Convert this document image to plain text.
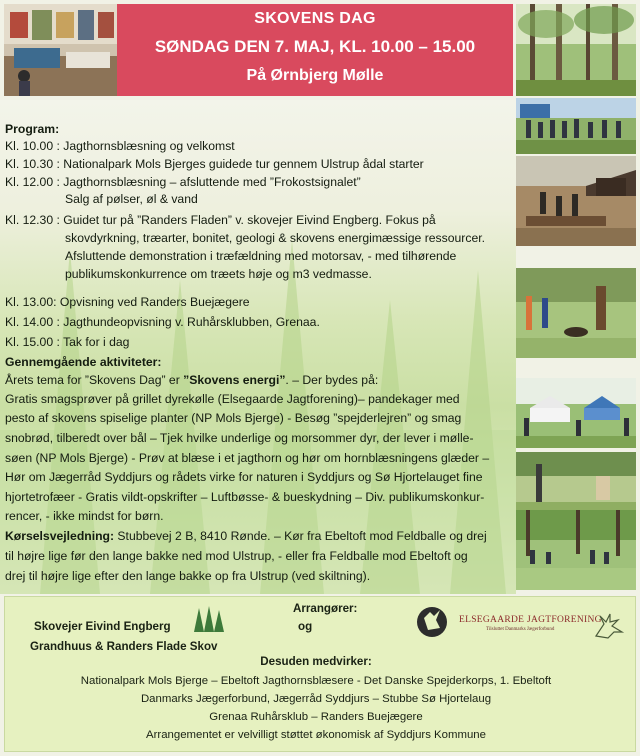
SKOVENS DAG
SØNDAG DEN 7. MAJ, KL. 10.00 – 15.00
På Ørnbjerg Mølle
Program:
Kl. 10.00 : Jagthornsblæsning og velkomst
Kl. 10.30 : Nationalpark Mols Bjerges guidede tur gennem Ulstrup ådal starter
Kl. 12.00 : Jagthornsblæsning – afsluttende med ”Frokostsignalet”
Salg af pølser, øl & vand
Kl. 12.30 : Guidet tur på ”Randers Fladen” v. skovejer Eivind Engberg. Fokus på
skovdyrkning, træarter, bonitet, geologi & skovens energimæssige ressourcer.
Afsluttende demonstration i træfældning med motorsav, - med tilhørende
publikumskonkurrence om træets høje og m3 vedmasse.
Kl. 13.00: Opvisning ved Randers Buejægere
Kl. 14.00 : Jagthundeopvisning v. Ruhårsklubben, Grenaa.
Kl. 15.00 : Tak for i dag
Gennemgående aktiviteter:
Årets tema for ”Skovens Dag” er ”Skovens energi”. – Der bydes på:
Gratis smagsprøver på grillet dyrekølle (Elsegaarde Jagtforening)– pandekager med
pesto af skovens spiselige planter (NP Mols Bjerge) - Besøg ”spejderlejren” og smag
snobrød, tilberedt over bål – Tjek hvilke underlige og morsommer dyr, der lever i mølle-
søen (NP Mols Bjerge) - Prøv at blæse i et jagthorn og hør om hornblæsningens glæder –
Hør om Jægerråd Syddjurs og rådets virke for naturen i Syddjurs og Sø Hjortelauget fine
hjortetrofæer - Gratis vildt-opskrifter – Luftbøsse- & bueskydning – Div. publikumskonkur-
rencer, - ikke mindst for børn.
Kørselsvejledning: Stubbevej 2 B, 8410 Rønde. – Kør fra Ebeltoft mod Feldballe og drej
til højre lige før den lange bakke ned mod Ulstrup, - eller fra Feldballe mod Ebeltoft og
drej til højre lige efter den lange bakke op fra Ulstrup (ved skiltning).
Arrangører:
Skovejer Eivind Engberg
Grandhuus & Randers Flade Skov
og	ELSEGAARDE JAGTFORENING
Tilsluttet Danmarks Jægerforbund
Desuden medvirker:
Nationalpark Mols Bjerge – Ebeltoft Jagthornsblæsere - Det Danske Spejderkorps, 1. Ebeltoft
Danmarks Jægerforbund, Jægerråd Syddjurs – Stubbe Sø Hjortelaug
Grenaa Ruhårsklub – Randers Buejægere
Arrangementet er velvilligt støttet økonomisk af Syddjurs Kommune
